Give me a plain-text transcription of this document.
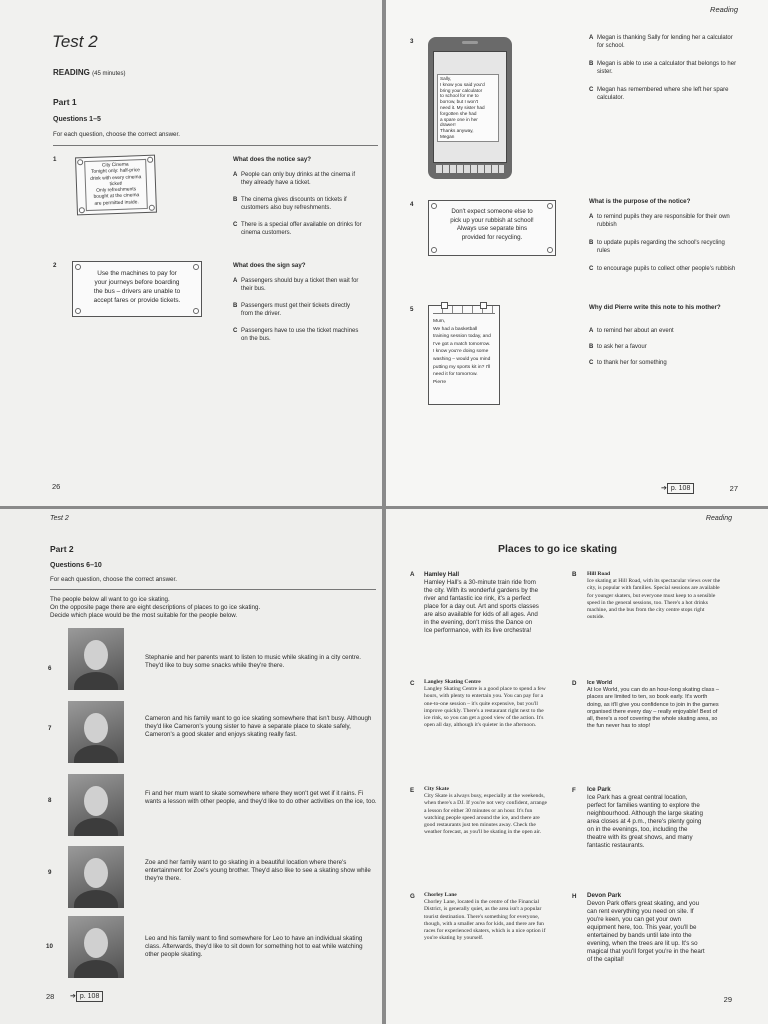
Test 2
READING (45 minutes)
Part 1
Questions 1–5
For each question, choose the correct answer.
1
City Cinema
Tonight only: half-price
drink with every cinema
ticket!
Only refreshments
bought at the cinema
are permitted inside.
What does the notice say?
A People can only buy drinks at the cinema if they already have a ticket.
B The cinema gives discounts on tickets if customers also buy refreshments.
C There is a special offer available on drinks for cinema customers.
2
Use the machines to pay for
your journeys before boarding
the bus – drivers are unable to
accept fares or provide tickets.
What does the sign say?
A Passengers should buy a ticket then wait for their bus.
B Passengers must get their tickets directly from the driver.
C Passengers have to use the ticket machines on the bus.
26
Reading
3
Sally,
I know you said you'd
bring your calculator
to school for me to
borrow, but I won't
need it. My sister had
forgotten she had
a spare one in her
drawer!
Thanks anyway,
Megan
A Megan is thanking Sally for lending her a calculator for school.
B Megan is able to use a calculator that belongs to her sister.
C Megan has remembered where she left her spare calculator.
4
Don't expect someone else to
pick up your rubbish at school!
Always use separate bins
provided for recycling.
What is the purpose of the notice?
A to remind pupils they are responsible for their own rubbish
B to update pupils regarding the school's recycling rules
C to encourage pupils to collect other people's rubbish
5
Mum,
We had a basketball
training session today, and
I've got a match tomorrow.
I know you're doing some
washing – would you mind
putting my sports kit in? I'll
need it for tomorrow.
Pierre
Why did Pierre write this note to his mother?
A to remind her about an event
B to ask her a favour
C to thank her for something
➔ p. 108	27
Test 2
Part 2
Questions 6–10
For each question, choose the correct answer.
The people below all want to go ice skating.
On the opposite page there are eight descriptions of places to go ice skating.
Decide which place would be the most suitable for the people below.
6
Stephanie and her parents want to listen to music while skating in a city centre. They'd like to buy some snacks while they're there.
7
Cameron and his family want to go ice skating somewhere that isn't busy. Although they'd like Cameron's young sister to have a separate place to skate safely, Cameron's a good skater and enjoys skating really fast.
8
Fi and her mum want to skate somewhere where they won't get wet if it rains. Fi wants a lesson with other people, and they'd like to do other activities on the ice, too.
9
Zoe and her family want to go skating in a beautiful location where there's entertainment for Zoe's young brother. They'd also like to see a skating show while they're there.
10
Leo and his family want to find somewhere for Leo to have an individual skating class. Afterwards, they'd like to sit down for something hot to eat while watching other people skating.
28 ➔ p. 108
Reading
Places to go ice skating
A Hamley Hall
Hamley Hall's a 30-minute train ride from the city. With its wonderful gardens by the river and fantastic ice rink, it's a perfect place for a day out. Art and sports classes are also available for kids of all ages. And in the evening, don't miss the Dance on Ice performance, with its live orchestra!
B Hill Road
Ice skating at Hill Road, with its spectacular views over the city, is popular with families. Special sessions are available for younger skaters, but everyone must keep to a sensible speed in the general sessions, too. There's a hot drinks machine, and the bus from the city centre stops right outside.
C Langley Skating Centre
Langley Skating Centre is a good place to spend a few hours, with plenty to entertain you. You can pay for a one-to-one session – it's quite expensive, but you'll improve quickly. There's a restaurant right next to the ice rink, so you can get a good view of the action. It's open all day, although it's quieter in the afternoon.
D Ice World
At Ice World, you can do an hour-long skating class – places are limited to ten, so book early. It's worth doing, as it'll give you confidence to join in the games organised there every day – really enjoyable! Best of all, there's a roof covering the whole skating area, so the fun never has to stop!
E City Skate
City Skate is always busy, especially at the weekends, when there's a DJ. If you're not very confident, arrange a lesson for either 30 minutes or an hour. It's fun watching people speed around the ice, and there are good restaurants just ten minutes away. Check the weather forecast, as you'll be skating in the open air.
F Ice Park
Ice Park has a great central location, perfect for families wanting to explore the neighbourhood. Although the large skating area closes at 4 p.m., there's plenty going on in the evenings, too, including the theatre with its great shows, and many fantastic restaurants.
G Chorley Lane
Chorley Lane, located in the centre of the Financial District, is generally quiet, as the area isn't a popular tourist destination. There's something for everyone, though, with a smaller area for kids, and there are fun races for experienced skaters, which is a nice option if you're skating by yourself.
H Devon Park
Devon Park offers great skating, and you can rent everything you need on site. If you're keen, you can get your own equipment here, too. This year, you'll be entertained by bands until late into the evening, when the trees are lit up. It's so magical that you'll forget you're in the heart of the capital!
29
